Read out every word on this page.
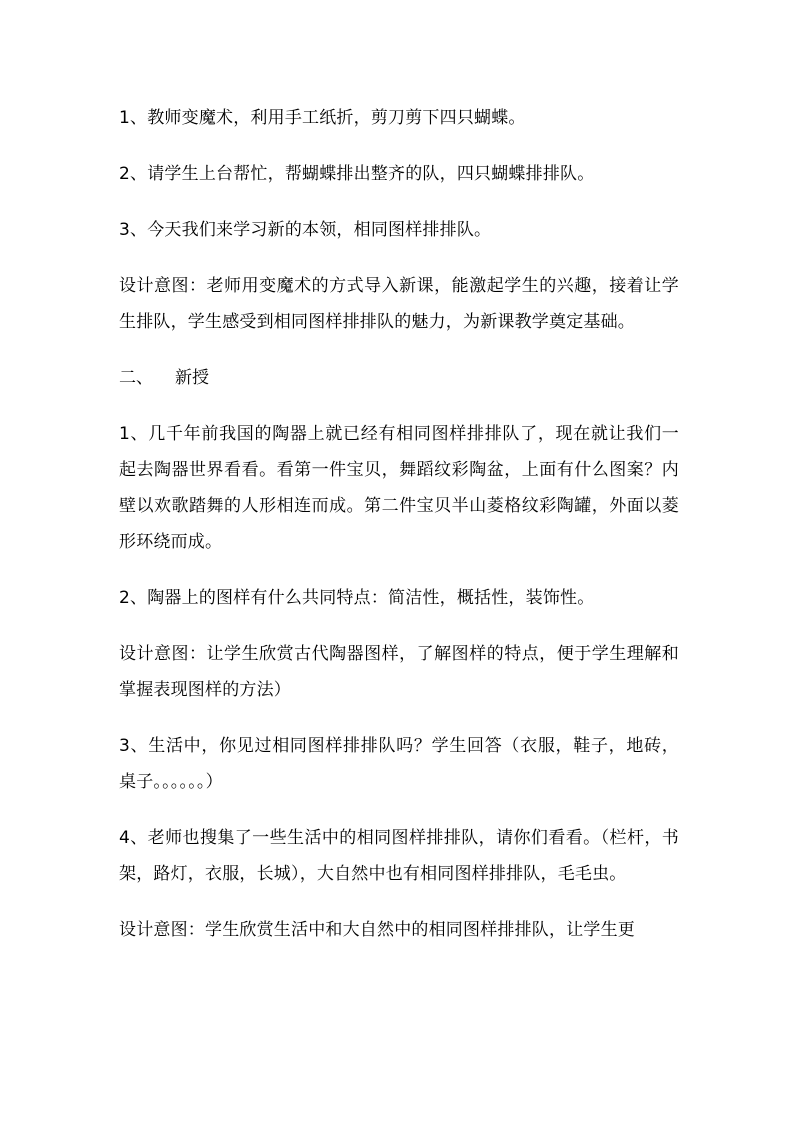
1、教师变魔术，利用手工纸折，剪刀剪下四只蝴蝶。

2、请学生上台帮忙，帮蝴蝶排出整齐的队，四只蝴蝶排排队。

3、今天我们来学习新的本领，相同图样排排队。

设计意图：老师用变魔术的方式导入新课，能激起学生的兴趣，接着让学生排队，学生感受到相同图样排排队的魅力，为新课教学奠定基础。

二、 新授

1、几千年前我国的陶器上就已经有相同图样排排队了，现在就让我们一起去陶器世界看看。看第一件宝贝，舞蹈纹彩陶盆，上面有什么图案？内壁以欢歌踏舞的人形相连而成。第二件宝贝半山菱格纹彩陶罐，外面以菱形环绕而成。

2、陶器上的图样有什么共同特点：简洁性，概括性，装饰性。

设计意图：让学生欣赏古代陶器图样，了解图样的特点，便于学生理解和掌握表现图样的方法）

3、生活中，你见过相同图样排排队吗？学生回答（衣服，鞋子，地砖，桌子。。。。。。）

4、老师也搜集了一些生活中的相同图样排排队，请你们看看。（栏杆，书架，路灯，衣服，长城），大自然中也有相同图样排排队，毛毛虫。

设计意图：学生欣赏生活中和大自然中的相同图样排排队，让学生更
